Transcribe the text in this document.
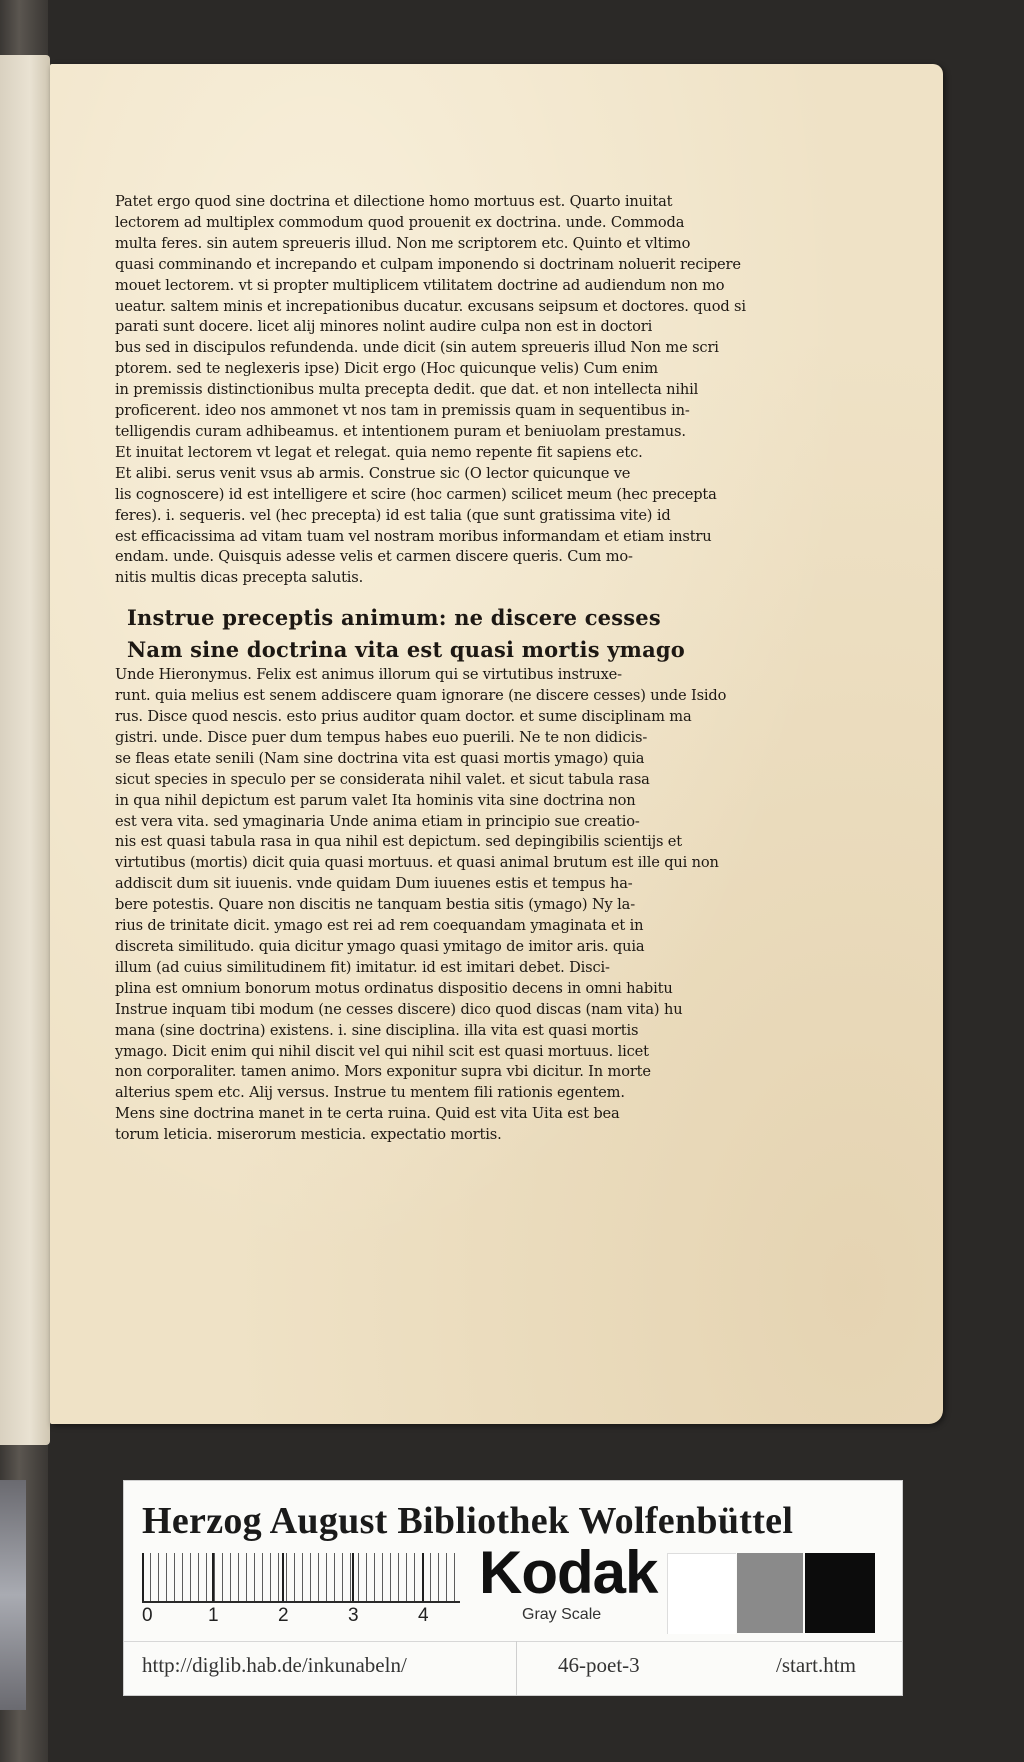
Patet ergo quod sine doctrina et dilectione homo mortuus est. Quarto inuitat
lectorem ad multiplex commodum quod prouenit ex doctrina. unde. Commoda
multa feres. sin autem spreueris illud. Non me scriptorem etc. Quinto et vltimo
quasi comminando et increpando et culpam imponendo si doctrinam noluerit recipere
mouet lectorem. vt si propter multiplicem vtilitatem doctrine ad audiendum non mo
ueatur. saltem minis et increpationibus ducatur. excusans seipsum et doctores. quod si
parati sunt docere. licet alij minores nolint audire culpa non est in doctori
bus sed in discipulos refundenda. unde dicit (sin autem spreueris illud Non me scri
ptorem. sed te neglexeris ipse) Dicit ergo (Hoc quicunque velis) Cum enim
in premissis distinctionibus multa precepta dedit. que dat. et non intellecta nihil
proficerent. ideo nos ammonet vt nos tam in premissis quam in sequentibus in-
telligendis curam adhibeamus. et intentionem puram et beniuolam prestamus.
Et inuitat lectorem vt legat et relegat. quia nemo repente fit sapiens etc.
Et alibi. serus venit vsus ab armis. Construe sic (O lector quicunque ve
lis cognoscere) id est intelligere et scire (hoc carmen) scilicet meum (hec precepta
feres). i. sequeris. vel (hec precepta) id est talia (que sunt gratissima vite) id
est efficacissima ad vitam tuam vel nostram moribus informandam et etiam instru
endam. unde. Quisquis adesse velis et carmen discere queris. Cum mo-
nitis multis dicas precepta salutis.

Instrue preceptis animum: ne discere cesses
Nam sine doctrina vita est quasi mortis ymago

Unde Hieronymus. Felix est animus illorum qui se virtutibus instruxe-
runt. quia melius est senem addiscere quam ignorare (ne discere cesses) unde Isido
rus. Disce quod nescis. esto prius auditor quam doctor. et sume disciplinam ma
gistri. unde. Disce puer dum tempus habes euo puerili. Ne te non didicis-
se fleas etate senili (Nam sine doctrina vita est quasi mortis ymago) quia
sicut species in speculo per se considerata nihil valet. et sicut tabula rasa
in qua nihil depictum est parum valet Ita hominis vita sine doctrina non
est vera vita. sed ymaginaria Unde anima etiam in principio sue creatio-
nis est quasi tabula rasa in qua nihil est depictum. sed depingibilis scientijs et
virtutibus (mortis) dicit quia quasi mortuus. et quasi animal brutum est ille qui non
addiscit dum sit iuuenis. vnde quidam Dum iuuenes estis et tempus ha-
bere potestis. Quare non discitis ne tanquam bestia sitis (ymago) Ny la-
rius de trinitate dicit. ymago est rei ad rem coequandam ymaginata et in
discreta similitudo. quia dicitur ymago quasi ymitago de imitor aris. quia
illum (ad cuius similitudinem fit) imitatur. id est imitari debet. Disci-
plina est omnium bonorum motus ordinatus dispositio decens in omni habitu
Instrue inquam tibi modum (ne cesses discere) dico quod discas (nam vita) hu
mana (sine doctrina) existens. i. sine disciplina. illa vita est quasi mortis
ymago. Dicit enim qui nihil discit vel qui nihil scit est quasi mortuus. licet
non corporaliter. tamen animo. Mors exponitur supra vbi dicitur. In morte
alterius spem etc. Alij versus. Instrue tu mentem fili rationis egentem.
Mens sine doctrina manet in te certa ruina. Quid est vita Uita est bea
torum leticia. miserorum mesticia. expectatio mortis.

Herzog August Bibliothek Wolfenbüttel
0	1	2	3	4
Kodak
Gray Scale
http://diglib.hab.de/inkunabeln/	46-poet-3	/start.htm
